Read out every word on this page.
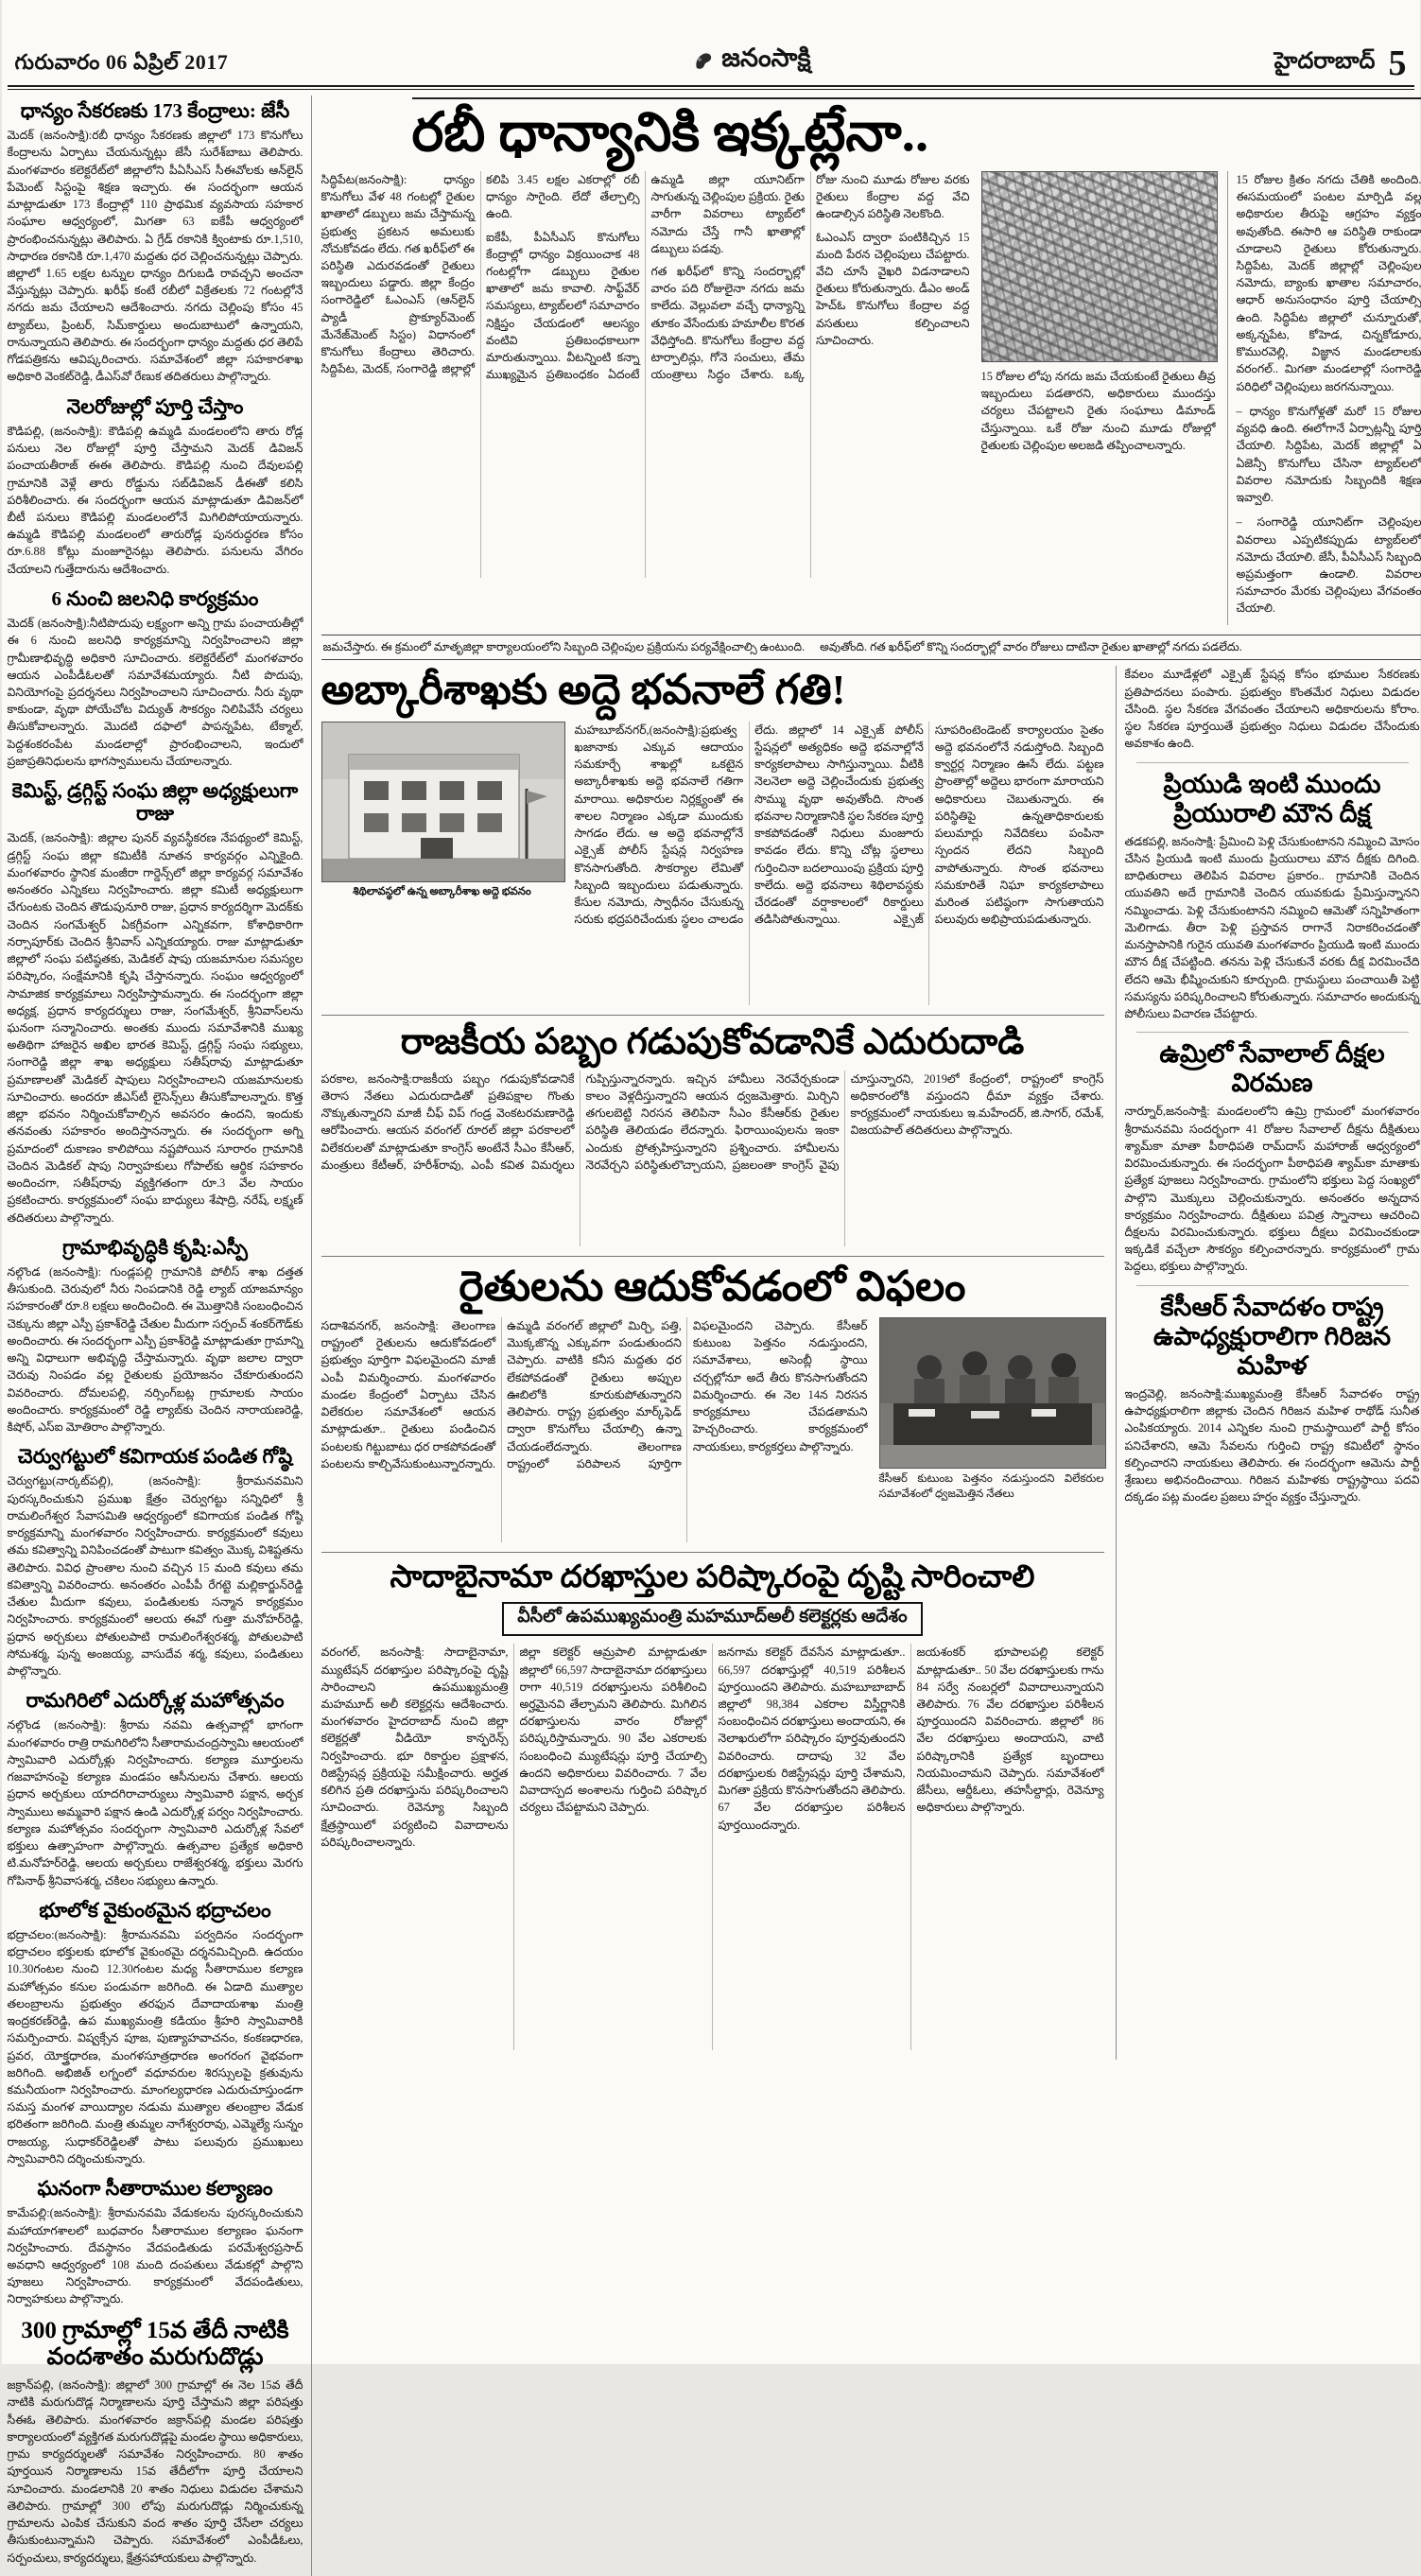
గురువారం 06 ఏప్రిల్ 2017	జనంసాక్షి	హైదరాబాద్ 5
ధాన్యం సేకరణకు 173 కేంద్రాలు: జేసీ

మెదక్ (జనంసాక్షి):రబీ ధాన్యం సేకరణకు జిల్లాలో 173 కొనుగోలు కేంద్రాలను ఏర్పాటు చేయనున్నట్లు జేసీ సురేశ్‌బాబు తెలిపారు. మంగళవారం కలెక్టరేట్‌లో జిల్లాలోని పీఏసీఎస్ సీఈవోలకు ఆన్‌లైన్ పేమెంట్ సిస్టంపై శిక్షణ ఇచ్చారు. ఈ సందర్భంగా ఆయన మాట్లాడుతూ 173 కేంద్రాల్లో 110 ప్రాథమిక వ్యవసాయ సహకార సంఘాల ఆధ్వర్యంలో, మిగతా 63 ఐకేపీ ఆధ్వర్యంలో ప్రారంభించనున్నట్లు తెలిపారు. ఏ గ్రేడ్ రకానికి క్వింటాకు రూ.1,510, సాధారణ రకానికి రూ.1,470 మద్దతు ధర చెల్లించనున్నట్లు చెప్పారు. జిల్లాలో 1.65 లక్షల టన్నుల ధాన్యం దిగుబడి రావచ్చని అంచనా వేస్తున్నట్లు చెప్పారు. ఖరీఫ్ కంటే రబీలో విక్రేతలకు 72 గంటల్లోనే నగదు జమ చేయాలని ఆదేశించారు. నగదు చెల్లింపు కోసం 45 ట్యాబ్‌లు, ప్రింటర్, సిమ్‌కార్డులు అందుబాటులో ఉన్నాయని, రానున్నాయని తెలిపారు. ఈ సందర్భంగా ధాన్యం మద్దతు ధర తెలిపే గోడపత్రికను ఆవిష్కరించారు. సమావేశంలో జిల్లా సహకారశాఖ అధికారి వెంకట్‌రెడ్డి, డీఎస్‌వో రేణుక తదితరులు పాల్గొన్నారు.

నెలరోజుల్లో పూర్తి చేస్తాం

కౌడిపల్లి, (జనంసాక్షి): కౌడిపల్లి ఉమ్మడి మండలంలోని తారు రోడ్ల పనులు నెల రోజుల్లో పూర్తి చేస్తామని మెదక్ డివిజన్ పంచాయతీరాజ్ ఈఈ తెలిపారు. కౌడిపల్లి నుంచి దేవులపల్లి గ్రామానికి వెళ్లే తారు రోడ్డును సబ్‌డివిజన్ డీఈతో కలిసి పరిశీలించారు. ఈ సందర్భంగా ఆయన మాట్లాడుతూ డివిజన్‌లో బీటీ పనులు కౌడిపల్లి మండలంలోనే మిగిలిపోయాయన్నారు. ఉమ్మడి కౌడిపల్లి మండలంలో తారురోడ్ల పునరుద్ధరణ కోసం రూ.6.88 కోట్లు మంజూరైనట్లు తెలిపారు. పనులను వేగిరం చేయాలని గుత్తేదారును ఆదేశించారు.

6 నుంచి జలనిధి కార్యక్రమం

మెదక్ (జనంసాక్షి):నీటిపొదుపు లక్ష్యంగా అన్ని గ్రామ పంచాయతీల్లో ఈ 6 నుంచి జలనిధి కార్యక్రమాన్ని నిర్వహించాలని జిల్లా గ్రామీణాభివృద్ధి అధికారి సూచించారు. కలెక్టరేట్‌లో మంగళవారం ఆయన ఎంపీడీఓలతో సమావేశమయ్యారు. నీటి పొదుపు, వినియోగంపై ప్రదర్శనలు నిర్వహించాలని సూచించారు. నీరు వృథా కాకుండా, వృథా పోయేచోట విద్యుత్ సౌకర్యం నిలిపివేసే చర్యలు తీసుకోవాలన్నారు. మొదటి దఫాలో పాపన్నపేట, టేక్మాల్, పెద్దశంకరంపేట మండలాల్లో ప్రారంభించాలని, ఇందులో ప్రజాప్రతినిధులను భాగస్వాములను చేయాలన్నారు.

కెమిస్ట్, డ్రగ్గిస్ట్ సంఘ జిల్లా అధ్యక్షులుగా రాజు

మెదక్, (జనంసాక్షి): జిల్లాల పునర్ వ్యవస్థీకరణ నేపథ్యంలో కెమిస్ట్, డ్రగ్గిస్ట్ సంఘ జిల్లా కమిటీకి నూతన కార్యవర్గం ఎన్నికైంది. మంగళవారం స్థానిక మంజీరా గార్డెన్స్‌లో జిల్లా కార్యవర్గ సమావేశం అనంతరం ఎన్నికలు నిర్వహించారు. జిల్లా కమిటీ అధ్యక్షులుగా చేగుంటకు చెందిన తొడుపునూరి రాజు, ప్రధాన కార్యదర్శిగా మెదక్‌కు చెందిన సంగమేశ్వర్ ఏకగ్రీవంగా ఎన్నికవగా, కోశాధికారిగా నర్సాపూర్‌కు చెందిన శ్రీనివాస్ ఎన్నికయ్యారు. రాజు మాట్లాడుతూ జిల్లాలో సంఘ పటిష్ఠతకు, మెడికల్ షాపు యజమానుల సమస్యల పరిష్కారం, సంక్షేమానికి కృషి చేస్తానన్నారు. సంఘం ఆధ్వర్యంలో సామాజిక కార్యక్రమాలు నిర్వహిస్తామన్నారు. ఈ సందర్భంగా జిల్లా అధ్యక్ష, ప్రధాన కార్యదర్శులు రాజు, సంగమేశ్వర్, శ్రీనివాస్‌లను ఘనంగా సన్మానించారు. అంతకు ముందు సమావేశానికి ముఖ్య అతిథిగా హాజరైన అఖిల భారత కెమిస్ట్, డ్రగ్గిస్ట్ సంఘ సభ్యులు, సంగారెడ్డి జిల్లా శాఖ అధ్యక్షులు సతీష్‌రావు మాట్లాడుతూ ప్రమాణాలతో మెడికల్ షాపులు నిర్వహించాలని యజమానులకు సూచించారు. అందరూ జీఎస్‌టీ లైసెన్స్‌లు తీసుకోవాలన్నారు. కొత్త జిల్లా భవనం నిర్మించుకోవాల్సిన అవసరం ఉందని, ఇందుకు తనవంతు సహకారం అందిస్తానన్నారు. ఈ సందర్భంగా అగ్ని ప్రమాదంలో దుకాణం కాలిపోయి నష్టపోయిన సూరారం గ్రామానికి చెందిన మెడికల్ షాపు నిర్వాహకులు గోపాల్‌కు ఆర్థిక సహకారం అందించగా, సతీష్‌రావు వ్యక్తిగతంగా రూ.3 వేల సాయం ప్రకటించారు. కార్యక్రమంలో సంఘ బాధ్యులు శేషాద్రి, నరేష్, లక్ష్మణ్ తదితరులు పాల్గొన్నారు.

గ్రామాభివృద్ధికి కృషి:ఎస్పీ

నల్గొండ (జనంసాక్షి): గుండ్లపల్లి గ్రామానికి పోలీస్ శాఖ దత్తత తీసుకుంది. చెరువులో నీరు నింపడానికి రెడ్డి ల్యాబ్ యాజమాన్యం సహకారంతో రూ.8 లక్షలు అందించింది. ఈ మొత్తానికి సంబంధించిన చెక్కును జిల్లా ఎస్పీ ప్రకాశ్‌రెడ్డి చేతుల మీదుగా సర్పంచ్ శంకర్‌గౌడ్‌కు అందించారు. ఈ సందర్భంగా ఎస్పీ ప్రకాశ్‌రెడ్డి మాట్లాడుతూ గ్రామాన్ని అన్ని విధాలుగా అభివృద్ధి చేస్తామన్నారు. వృథా జలాల ద్వారా చెరువు నింపడం వల్ల రైతులకు ప్రయోజనం చేకూరుతుందని వివరించారు. దోమలపల్లి, నర్సింగ్‌బట్ల గ్రామాలకు సాయం అందించారు. కార్యక్రమంలో రెడ్డి ల్యాబ్‌కు చెందిన నారాయణరెడ్డి, కిషోర్, ఎస్ఐ మోతిరాం పాల్గొన్నారు.

చెర్వుగట్టులో కవిగాయక పండిత గోష్ఠి

చెర్వుగట్టు(నార్కట్‌పల్లి), (జనంసాక్షి): శ్రీరామనవమిని పురస్కరించుకుని ప్రముఖ క్షేత్రం చెర్వుగట్టు సన్నిధిలో శ్రీ రామలింగేశ్వర సేవాసమితి ఆధ్వర్యంలో కవిగాయక పండిత గోష్ఠి కార్యక్రమాన్ని మంగళవారం నిర్వహించారు. కార్యక్రమంలో కవులు తమ కవిత్వాన్ని వినిపించడంతో పాటుగా కవిత్వం మొక్క విశిష్టతను తెలిపారు. వివిధ ప్రాంతాల నుంచి వచ్చిన 15 మంది కవులు తమ కవిత్వాన్ని వివరించారు. అనంతరం ఎంపీపీ రేగట్టె మల్లికార్జున్‌రెడ్డి చేతుల మీదుగా కవులు, పండితులకు సన్మాన కార్యక్రమం నిర్వహించారు. కార్యక్రమంలో ఆలయ ఈవో గుత్తా మనోహర్‌రెడ్డి, ప్రధాన అర్చకులు పోతులపాటి రామలింగేశ్వరశర్మ, పోతులపాటి సోమశర్మ, పున్న అంజయ్య, వాసుదేవ శర్మ, కవులు, పండితులు పాల్గొన్నారు.

రామగిరిలో ఎదుర్కోళ్ల మహోత్సవం

నల్గొండ (జనంసాక్షి): శ్రీరామ నవమి ఉత్సవాల్లో భాగంగా మంగళవారం రాత్రి రామగిరిలోని సీతారామచంద్రస్వామి ఆలయంలో స్వామివారి ఎదుర్కోళ్లు నిర్వహించారు. కల్యాణ మూర్తులను గజవాహనంపై కల్యాణ మండపం ఆసీనులను చేశారు. ఆలయ ప్రధాన అర్చకులు యాదగిరాచార్యులు స్వామివారి పక్షాన, అర్చక స్వాములు అమ్మవారి పక్షాన ఉండి ఎదుర్కోళ్ల పర్వం నిర్వహించారు. కల్యాణ మహోత్సవం సందర్భంగా స్వామివారి ఎదుర్కోళ్ల సేవలో భక్తులు ఉత్సాహంగా పాల్గొన్నారు. ఉత్సవాల ప్రత్యేక అధికారి టి.మనోహర్‌రెడ్డి, ఆలయ అర్చకులు రాజేశ్వరశర్మ, భక్తులు మెరగు గోపినాథ్ శ్రీనివాసశర్మ, చకిలం సభ్యులు ఉన్నారు.

భూలోక వైకుంఠమైన భద్రాచలం

భద్రాచలం:(జనంసాక్షి): శ్రీరామనవమి పర్వదినం సందర్భంగా భద్రాచలం భక్తులకు భూలోక వైకుంఠమై దర్శనమిచ్చింది. ఉదయం 10.30గంటల నుంచి 12.30గంటల మధ్య సీతారాముల కల్యాణ మహోత్సవం కనుల పండువగా జరిగింది. ఈ ఏడాది ముత్యాల తలంబ్రాలను ప్రభుత్వం తరఫున దేవాదాయశాఖ మంత్రి ఇంద్రకరణ్‌రెడ్డి, ఉప ముఖ్యమంత్రి కడియం శ్రీహరి స్వామివారికి సమర్పించారు. విష్వక్సేన పూజ, పుణ్యాహవాచనం, కంకణధారణ, ప్రవర, యోక్త్రధారణ, మంగళసూత్రధారణ అంగరంగ వైభవంగా జరిగింది. అభిజిత్ లగ్నంలో వధూవరుల శిరస్సులపై క్రతువును కమనీయంగా నిర్వహించారు. మాంగల్యధారణ ఎదురుచూస్తుండగా సమస్త మంగళ వాయిద్యాల నడుమ ముత్యాల తలంబ్రాల వేడుక భరితంగా జరిగింది. మంత్రి తుమ్మల నాగేశ్వరరావు, ఎమ్మెల్యే సున్నం రాజయ్య, సుధాకర్‌రెడ్డిలతో పాటు పలువురు ప్రముఖులు స్వామివారిని దర్శించుకున్నారు.

ఘనంగా సీతారాముల కల్యాణం

కామేపల్లి:(జనంసాక్షి): శ్రీరామనవమి వేడుకలను పురస్కరించుకుని మహాయాగశాలలో బుధవారం సీతారాముల కల్యాణం ఘనంగా నిర్వహించారు. దేవస్థానం వేదపండితుడు పరమేశ్వరప్రసాద్ అవధాని ఆధ్వర్యంలో 108 మంది దంపతులు వేడుకల్లో పాల్గొని పూజలు నిర్వహించారు. కార్యక్రమంలో వేదపండితులు, నిర్వాహకులు పాల్గొన్నారు.

300 గ్రామాల్లో 15వ తేదీ నాటికి వందశాతం మరుగుదొడ్లు

జక్రాన్‌పల్లి, (జనంసాక్షి): జిల్లాలో 300 గ్రామాల్లో ఈ నెల 15వ తేదీ నాటికి మరుగుదొడ్ల నిర్మాణాలను పూర్తి చేస్తామని జిల్లా పరిషత్తు సీఈఓ తెలిపారు. మంగళవారం జక్రాన్‌పల్లి మండల పరిషత్తు కార్యాలయంలో వ్యక్తిగత మరుగుదొడ్లపై మండల స్థాయి అధికారులు, గ్రామ కార్యదర్శులతో సమావేశం నిర్వహించారు. 80 శాతం పూర్తయిన నిర్మాణాలను 15వ తేదీలోగా పూర్తి చేయాలని సూచించారు. మండలానికి 20 శాతం నిధులు విడుదల చేశామని తెలిపారు. గ్రామాల్లో 300 లోపు మరుగుదొడ్లు నిర్మించుకున్న గ్రామాలను ఎంపిక చేసుకుని వంద శాతం పూర్తి చేసేలా చర్యలు తీసుకుంటున్నామని చెప్పారు. సమావేశంలో ఎంపీడీఓలు, సర్పంచులు, కార్యదర్శులు, క్షేత్రసహాయకులు పాల్గొన్నారు.

రబీ ధాన్యానికి ఇక్కట్లేనా..

సిద్ధిపేట(జనంసాక్షి): ధాన్యం కొనుగోలు వేళ 48 గంటల్లో రైతుల ఖాతాలో డబ్బులు జమ చేస్తామన్న ప్రభుత్వ ప్రకటన అమలుకు నోచుకోవడం లేదు. గత ఖరీఫ్‌లో ఈ పరిస్థితి ఎదురవడంతో రైతులు ఇబ్బందులు పడ్డారు. జిల్లా కేంద్రం సంగారెడ్డిలో ఓఎంఎస్ (ఆన్‌లైన్ ప్యాడీ ప్రొక్యూర్‌మెంట్ మేనేజ్‌మెంట్ సిస్టం) విధానంలో కొనుగోలు కేంద్రాలు తెరిచారు. సిద్దిపేట, మెదక్, సంగారెడ్డి జిల్లాల్లో కలిపి 3.45 లక్షల ఎకరాల్లో రబీ ధాన్యం సాగైంది. లేదో తేల్చాల్సి ఉంది.

ఐకేపీ, పీఏసీఎస్ కొనుగోలు కేంద్రాల్లో ధాన్యం విక్రయించాక 48 గంటల్లోగా డబ్బులు రైతుల ఖాతాలో జమ కావాలి. సాఫ్ట్‌వేర్ సమస్యలు, ట్యాబ్‌లలో సమాచారం నిక్షిప్తం చేయడంలో ఆలస్యం వంటివి ప్రతిబంధకాలుగా మారుతున్నాయి. వీటన్నింటి కన్నా ముఖ్యమైన ప్రతిబంధకం ఏదంటే ఉమ్మడి జిల్లా యూనిట్‌గా సాగుతున్న చెల్లింపుల ప్రక్రియ. రైతు వారీగా వివరాలు ట్యాబ్‌లో నమోదు చేస్తే గానీ ఖాతాల్లో డబ్బులు పడవు.

గత ఖరీఫ్‌లో కొన్ని సందర్భాల్లో వారం పది రోజులైనా నగదు జమ కాలేదు. వెల్లువలా వచ్చే ధాన్యాన్ని తూకం వేసేందుకు హమాలీల కొరత వేధిస్తోంది. కొనుగోలు కేంద్రాల వద్ద టార్పాలిన్లు, గోనె సంచులు, తేమ యంత్రాలు సిద్ధం చేశారు. ఒక్క రోజు నుంచి మూడు రోజుల వరకు రైతులు కేంద్రాల వద్ద వేచి ఉండాల్సిన పరిస్థితి నెలకొంది.

ఓఎంఎస్ ద్వారా పంటికిచ్చిన 15 మంది పేరన చెల్లింపులు చేపట్టారు. వేచి చూసే వైఖరి విడనాడాలని రైతులు కోరుతున్నారు. డీఎం అండ్ హెచ్ఓ కొనుగోలు కేంద్రాల వద్ద వసతులు కల్పించాలని సూచించారు.

15 రోజుల లోపు నగదు జమ చేయకుంటే రైతులు తీవ్ర ఇబ్బందులు పడతారని, అధికారులు ముందస్తు చర్యలు చేపట్టాలని రైతు సంఘాలు డిమాండ్ చేస్తున్నాయి. ఒకే రోజు నుంచి మూడు రోజుల్లో రైతులకు చెల్లింపుల అలజడి తప్పించాలన్నారు.

15 రోజుల క్రితం నగదు చేతికి అందింది. ఈసమయంలో పంటల మార్పిడి వల్ల అధికారుల తీరుపై ఆగ్రహం వ్యక్తం అవుతోంది. ఈసారి ఆ పరిస్థితి రాకుండా చూడాలని రైతులు కోరుతున్నారు. సిద్దిపేట, మెదక్ జిల్లాల్లో చెల్లింపుల నమోదు, బ్యాంకు ఖాతాల సమాచారం, ఆధార్ అనుసంధానం పూర్తి చేయాల్సి ఉంది. సిద్ధిపేట జిల్లాలో చున్నూరుతో, అక్కన్నపేట, కోహెడ, చిన్నకోడూరు, కొమురవెల్లి, విజ్ఞాన మండలాలకు వరంగల్.. మిగతా మండలాల్లో సంగారెడ్డి పరిధిలో చెల్లింపులు జరగనున్నాయి.

– ధాన్యం కొనుగోళ్లతో మరో 15 రోజుల వ్యవధి ఉంది. ఈలోగానే ఏర్పాట్లన్నీ పూర్తి చేయాలి. సిద్దిపేట, మెదక్ జిల్లాల్లో ఏ ఏజెన్సీ కొనుగోలు చేసినా ట్యాబ్‌లలో వివరాల నమోదుకు సిబ్బందికి శిక్షణ ఇవ్వాలి.

– సంగారెడ్డి యూనిట్‌గా చెల్లింపుల వివరాలు ఎప్పటికప్పుడు ట్యాబ్‌లలో నమోదు చేయాలి. జేసీ, పీఏసీఎస్ సిబ్బంది అప్రమత్తంగా ఉండాలి. వివరాల సమాచారం మేరకు చెల్లింపులు వేగవంతం చేయాలి.

జమచేస్తారు. ఈ క్రమంలో మాతృజిల్లా కార్యాలయంలోని సిబ్బంది చెల్లింపుల ప్రక్రియను పర్యవేక్షించాల్సి ఉంటుంది. అవుతోంది. గత ఖరీఫ్‌లో కొన్ని సందర్భాల్లో వారం రోజులు దాటినా రైతుల ఖాతాల్లో నగదు పడలేదు.
అబ్కారీశాఖకు అద్దె భవనాలే గతి!
శిథిలావస్థలో ఉన్న అబ్కారీశాఖ అద్దె భవనం

మహబూబ్‌నగర్,(జనంసాక్షి):ప్రభుత్వ ఖజానాకు ఎక్కువ ఆదాయం సమకూర్చే శాఖల్లో ఒకటైన అబ్కారీశాఖకు అద్దె భవనాలే గతిగా మారాయి. అధికారుల నిర్లక్ష్యంతో ఈ శాలల నిర్మాణం ఎక్కడా ముందుకు సాగడం లేదు. ఆ అద్దె భవనాల్లోనే ఎక్సైజ్ పోలీస్ స్టేషన్ల నిర్వహణ కొనసాగుతోంది. సౌకర్యాల లేమితో సిబ్బంది ఇబ్బందులు పడుతున్నారు. కేసుల నమోదు, స్వాధీనం చేసుకున్న సరుకు భద్రపరిచేందుకు స్థలం చాలడం లేదు. జిల్లాలో 14 ఎక్సైజ్ పోలీస్ స్టేషన్లలో అత్యధికం అద్దె భవనాల్లోనే కార్యకలాపాలు సాగిస్తున్నాయి. వీటికి నెలనెలా అద్దె చెల్లించేందుకు ప్రభుత్వ సొమ్ము వృథా అవుతోంది. సొంత భవనాల నిర్మాణానికి స్థల సేకరణ పూర్తి కాకపోవడంతో నిధులు మంజూరు కావడం లేదు. కొన్ని చోట్ల స్థలాలు గుర్తించినా బదలాయింపు ప్రక్రియ పూర్తి కాలేదు. అద్దె భవనాలు శిథిలావస్థకు చేరడంతో వర్షాకాలంలో రికార్డులు తడిసిపోతున్నాయి. ఎక్సైజ్ సూపరింటెండెంట్ కార్యాలయం సైతం అద్దె భవనంలోనే నడుస్తోంది. సిబ్బంది క్వార్టర్ల నిర్మాణం ఊసే లేదు. పట్టణ ప్రాంతాల్లో అద్దెలు భారంగా మారాయని అధికారులు చెబుతున్నారు. ఈ పరిస్థితిపై ఉన్నతాధికారులకు పలుమార్లు నివేదికలు పంపినా స్పందన లేదని సిబ్బంది వాపోతున్నారు. సొంత భవనాలు సమకూరితే నిఘా కార్యకలాపాలు మరింత పటిష్ఠంగా సాగుతాయని పలువురు అభిప్రాయపడుతున్నారు.

రాజకీయ పబ్బం గడుపుకోవడానికే ఎదురుదాడి

పరకాల, జనంసాక్షి:రాజకీయ పబ్బం గడుపుకోవడానికే తెరాస నేతలు ఎదురుదాడితో ప్రతిపక్షాల గొంతు నొక్కుతున్నారని మాజీ చీఫ్ విప్ గండ్ర వెంకటరమణారెడ్డి ఆరోపించారు. ఆయన వరంగల్ రూరల్ జిల్లా పరకాలలో విలేకరులతో మాట్లాడుతూ కాంగ్రెస్ అంటేనే సీఎం కేసీఆర్, మంత్రులు కేటీఆర్, హరీశ్‌రావు, ఎంపీ కవిత విమర్శలు గుప్పిస్తున్నారన్నారు. ఇచ్చిన హామీలు నెరవేర్చకుండా కాలం వెళ్లదీస్తున్నారని ఆయన ధ్వజమెత్తారు. మిర్చిని తగులబెట్టి నిరసన తెలిపినా సీఎం కేసీఆర్‌కు రైతుల పరిస్థితి తెలియడం లేదన్నారు. ఫిరాయింపులను ఇంకా ఎందుకు ప్రోత్సహిస్తున్నారని ప్రశ్నించారు. హామీలను నెరవేర్చని పరిస్థితులొచ్చాయని, ప్రజలంతా కాంగ్రెస్ వైపు చూస్తున్నారని, 2019లో కేంద్రంలో, రాష్ట్రంలో కాంగ్రెస్ అధికారంలోకి వస్తుందని ధీమా వ్యక్తం చేశారు. కార్యక్రమంలో నాయకులు ఇ.మహేందర్, జి.సాగర్, రమేశ్, విజయపాల్ తదితరులు పాల్గొన్నారు.

రైతులను ఆదుకోవడంలో విఫలం

సదాశివనగర్, జనంసాక్షి: తెలంగాణ రాష్ట్రంలో రైతులను ఆదుకోవడంలో ప్రభుత్వం పూర్తిగా విఫలమైందని మాజీ ఎంపీ విమర్శించారు. మంగళవారం మండల కేంద్రంలో ఏర్పాటు చేసిన విలేకరుల సమావేశంలో ఆయన మాట్లాడుతూ.. రైతులు పండించిన పంటలకు గిట్టుబాటు ధర రాకపోవడంతో పంటలను కాల్చివేసుకుంటున్నారన్నారు. ఉమ్మడి వరంగల్ జిల్లాలో మిర్చి, పత్తి, మొక్కజొన్న ఎక్కువగా పండుతుందని చెప్పారు. వాటికి కనీస మద్దతు ధర లేకపోవడంతో రైతులు అప్పుల ఊబిలోకి కూరుకుపోతున్నారని తెలిపారు. రాష్ట్ర ప్రభుత్వం మార్క్‌ఫెడ్ ద్వారా కొనుగోలు చేయాల్సి ఉన్నా చేయడంలేదన్నారు. తెలంగాణ రాష్ట్రంలో పరిపాలన పూర్తిగా విఫలమైందని చెప్పారు. కేసీఆర్ కుటుంబ పెత్తనం నడుస్తుందని, సమావేశాలు, అసెంబ్లీ స్థాయి చర్చల్లోనూ అదే తీరు కొనసాగుతోందని విమర్శించారు. ఈ నెల 14న నిరసన కార్యక్రమాలు చేపడతామని హెచ్చరించారు. కార్యక్రమంలో నాయకులు, కార్యకర్తలు పాల్గొన్నారు.

కేసీఆర్ కుటుంబ పెత్తనం నడుస్తుందని విలేకరుల సమావేశంలో ధ్వజమెత్తిన నేతలు
సాదాబైనామా దరఖాస్తుల పరిష్కారంపై దృష్టి సారించాలి
వీసీలో ఉపముఖ్యమంత్రి మహమూద్అలీ కలెక్టర్లకు ఆదేశం

వరంగల్, జనంసాక్షి: సాదాబైనామా, మ్యుటేషన్ దరఖాస్తుల పరిష్కారంపై దృష్టి సారించాలని ఉపముఖ్యమంత్రి మహమూద్ అలీ కలెక్టర్లను ఆదేశించారు. మంగళవారం హైదరాబాద్ నుంచి జిల్లా కలెక్టర్లతో వీడియో కాన్ఫరెన్స్ నిర్వహించారు. భూ రికార్డుల ప్రక్షాళన, రిజిస్ట్రేషన్ల ప్రక్రియపై సమీక్షించారు. అర్హత కలిగిన ప్రతి దరఖాస్తును పరిష్కరించాలని సూచించారు. రెవెన్యూ సిబ్బంది క్షేత్రస్థాయిలో పర్యటించి వివాదాలను పరిష్కరించాలన్నారు.

జిల్లా కలెక్టర్ ఆమ్రపాలి మాట్లాడుతూ జిల్లాలో 66,597 సాదాబైనామా దరఖాస్తులు రాగా 40,519 దరఖాస్తులను పరిశీలించి అర్హమైనవి తేల్చామని తెలిపారు. మిగిలిన దరఖాస్తులను వారం రోజుల్లో పరిష్కరిస్తామన్నారు. 90 వేల ఎకరాలకు సంబంధించి మ్యుటేషన్లు పూర్తి చేయాల్సి ఉందని అధికారులు వివరించారు. 7 వేల వివాదాస్పద అంశాలను గుర్తించి పరిష్కార చర్యలు చేపట్టామని చెప్పారు.

జనగామ కలెక్టర్ దేవసేన మాట్లాడుతూ.. 66,597 దరఖాస్తుల్లో 40,519 పరిశీలన పూర్తయిందని తెలిపారు. మహబూబాబాద్ జిల్లాలో 98,384 ఎకరాల విస్తీర్ణానికి సంబంధించిన దరఖాస్తులు అందాయని, ఈ నెలాఖరులోగా పరిష్కారం పూర్తవుతుందని వివరించారు. దాదాపు 32 వేల దరఖాస్తులకు రిజిస్ట్రేషన్లు పూర్తి చేశామని, మిగతా ప్రక్రియ కొనసాగుతోందని తెలిపారు. 67 వేల దరఖాస్తుల పరిశీలన పూర్తయిందన్నారు.

జయశంకర్ భూపాలపల్లి కలెక్టర్ మాట్లాడుతూ.. 50 వేల దరఖాస్తులకు గాను 84 సర్వే నంబర్లలో వివాదాలున్నాయని తెలిపారు. 76 వేల దరఖాస్తుల పరిశీలన పూర్తయిందని వివరించారు. జిల్లాలో 86 వేల దరఖాస్తులు అందాయని, వాటి పరిష్కారానికి ప్రత్యేక బృందాలు నియమించామని చెప్పారు. సమావేశంలో జేసీలు, ఆర్డీఓలు, తహసీల్దార్లు, రెవెన్యూ అధికారులు పాల్గొన్నారు.

కేవలం మూడేళ్లలో ఎక్సైజ్ స్టేషన్ల కోసం భూముల సేకరణకు ప్రతిపాదనలు పంపారు. ప్రభుత్వం కొంతమేర నిధులు విడుదల చేసింది. స్థల సేకరణ వేగవంతం చేయాలని అధికారులను కోరాం. స్థల సేకరణ పూర్తయితే ప్రభుత్వం నిధులు విడుదల చేసేందుకు అవకాశం ఉంది.

ప్రియుడి ఇంటి ముందు ప్రియురాలి మౌన దీక్ష

తడకపల్లి, జనంసాక్షి: ప్రేమించి పెళ్లి చేసుకుంటానని నమ్మించి మోసం చేసిన ప్రియుడి ఇంటి ముందు ప్రియురాలు మౌన దీక్షకు దిగింది. బాధితురాలు తెలిపిన వివరాల ప్రకారం.. గ్రామానికి చెందిన యువతిని అదే గ్రామానికి చెందిన యువకుడు ప్రేమిస్తున్నానని నమ్మించాడు. పెళ్లి చేసుకుంటానని నమ్మించి ఆమెతో సన్నిహితంగా మెలిగాడు. తీరా పెళ్లి ప్రస్తావన రాగానే నిరాకరించడంతో మనస్తాపానికి గురైన యువతి మంగళవారం ప్రియుడి ఇంటి ముందు మౌన దీక్ష చేపట్టింది. తనను పెళ్లి చేసుకునే వరకు దీక్ష విరమించేది లేదని ఆమె భీష్మించుకుని కూర్చుంది. గ్రామస్థులు పంచాయితీ పెట్టి సమస్యను పరిష్కరించాలని కోరుతున్నారు. సమాచారం అందుకున్న పోలీసులు విచారణ చేపట్టారు.

ఉమ్రిలో సేవాలాల్ దీక్షల విరమణ

నార్నూర్,జనంసాక్షి: మండలంలోని ఉమ్రి గ్రామంలో మంగళవారం శ్రీరామనవమి సందర్భంగా 41 రోజుల సేవాలాల్ దీక్షను దీక్షితులు శ్యామ్‌కా మాతా పీఠాధిపతి రామ్‌దాస్ మహారాజ్ ఆధ్వర్యంలో విరమించుకున్నారు. ఈ సందర్భంగా పీఠాధిపతి శ్యామ్‌కా మాతాకు ప్రత్యేక పూజలు నిర్వహించారు. గ్రామంలోని భక్తులు పెద్ద సంఖ్యలో పాల్గొని మొక్కులు చెల్లించుకున్నారు. అనంతరం అన్నదాన కార్యక్రమం నిర్వహించారు. దీక్షితులు పవిత్ర స్నానాలు ఆచరించి దీక్షలను విరమించుకున్నారు. భక్తులు దీక్షలు విరమించకుండా ఇక్కడికే వచ్చేలా సౌకర్యం కల్పించారన్నారు. కార్యక్రమంలో గ్రామ పెద్దలు, భక్తులు పాల్గొన్నారు.

కేసీఆర్ సేవాదళం రాష్ట్ర ఉపాధ్యక్షురాలిగా గిరిజన మహిళ

ఇంద్రవెల్లి, జనంసాక్షి:ముఖ్యమంత్రి కేసీఆర్ సేవాదళం రాష్ట్ర ఉపాధ్యక్షురాలిగా జిల్లాకు చెందిన గిరిజన మహిళ రాథోడ్ సునీత ఎంపికయ్యారు. 2014 ఎన్నికల నుంచి గ్రామస్థాయిలో పార్టీ కోసం పనిచేశారని, ఆమె సేవలను గుర్తించి రాష్ట్ర కమిటీలో స్థానం కల్పించారని నాయకులు తెలిపారు. ఈ సందర్భంగా ఆమెను పార్టీ శ్రేణులు అభినందించాయి. గిరిజన మహిళకు రాష్ట్రస్థాయి పదవి దక్కడం పట్ల మండల ప్రజలు హర్షం వ్యక్తం చేస్తున్నారు.
